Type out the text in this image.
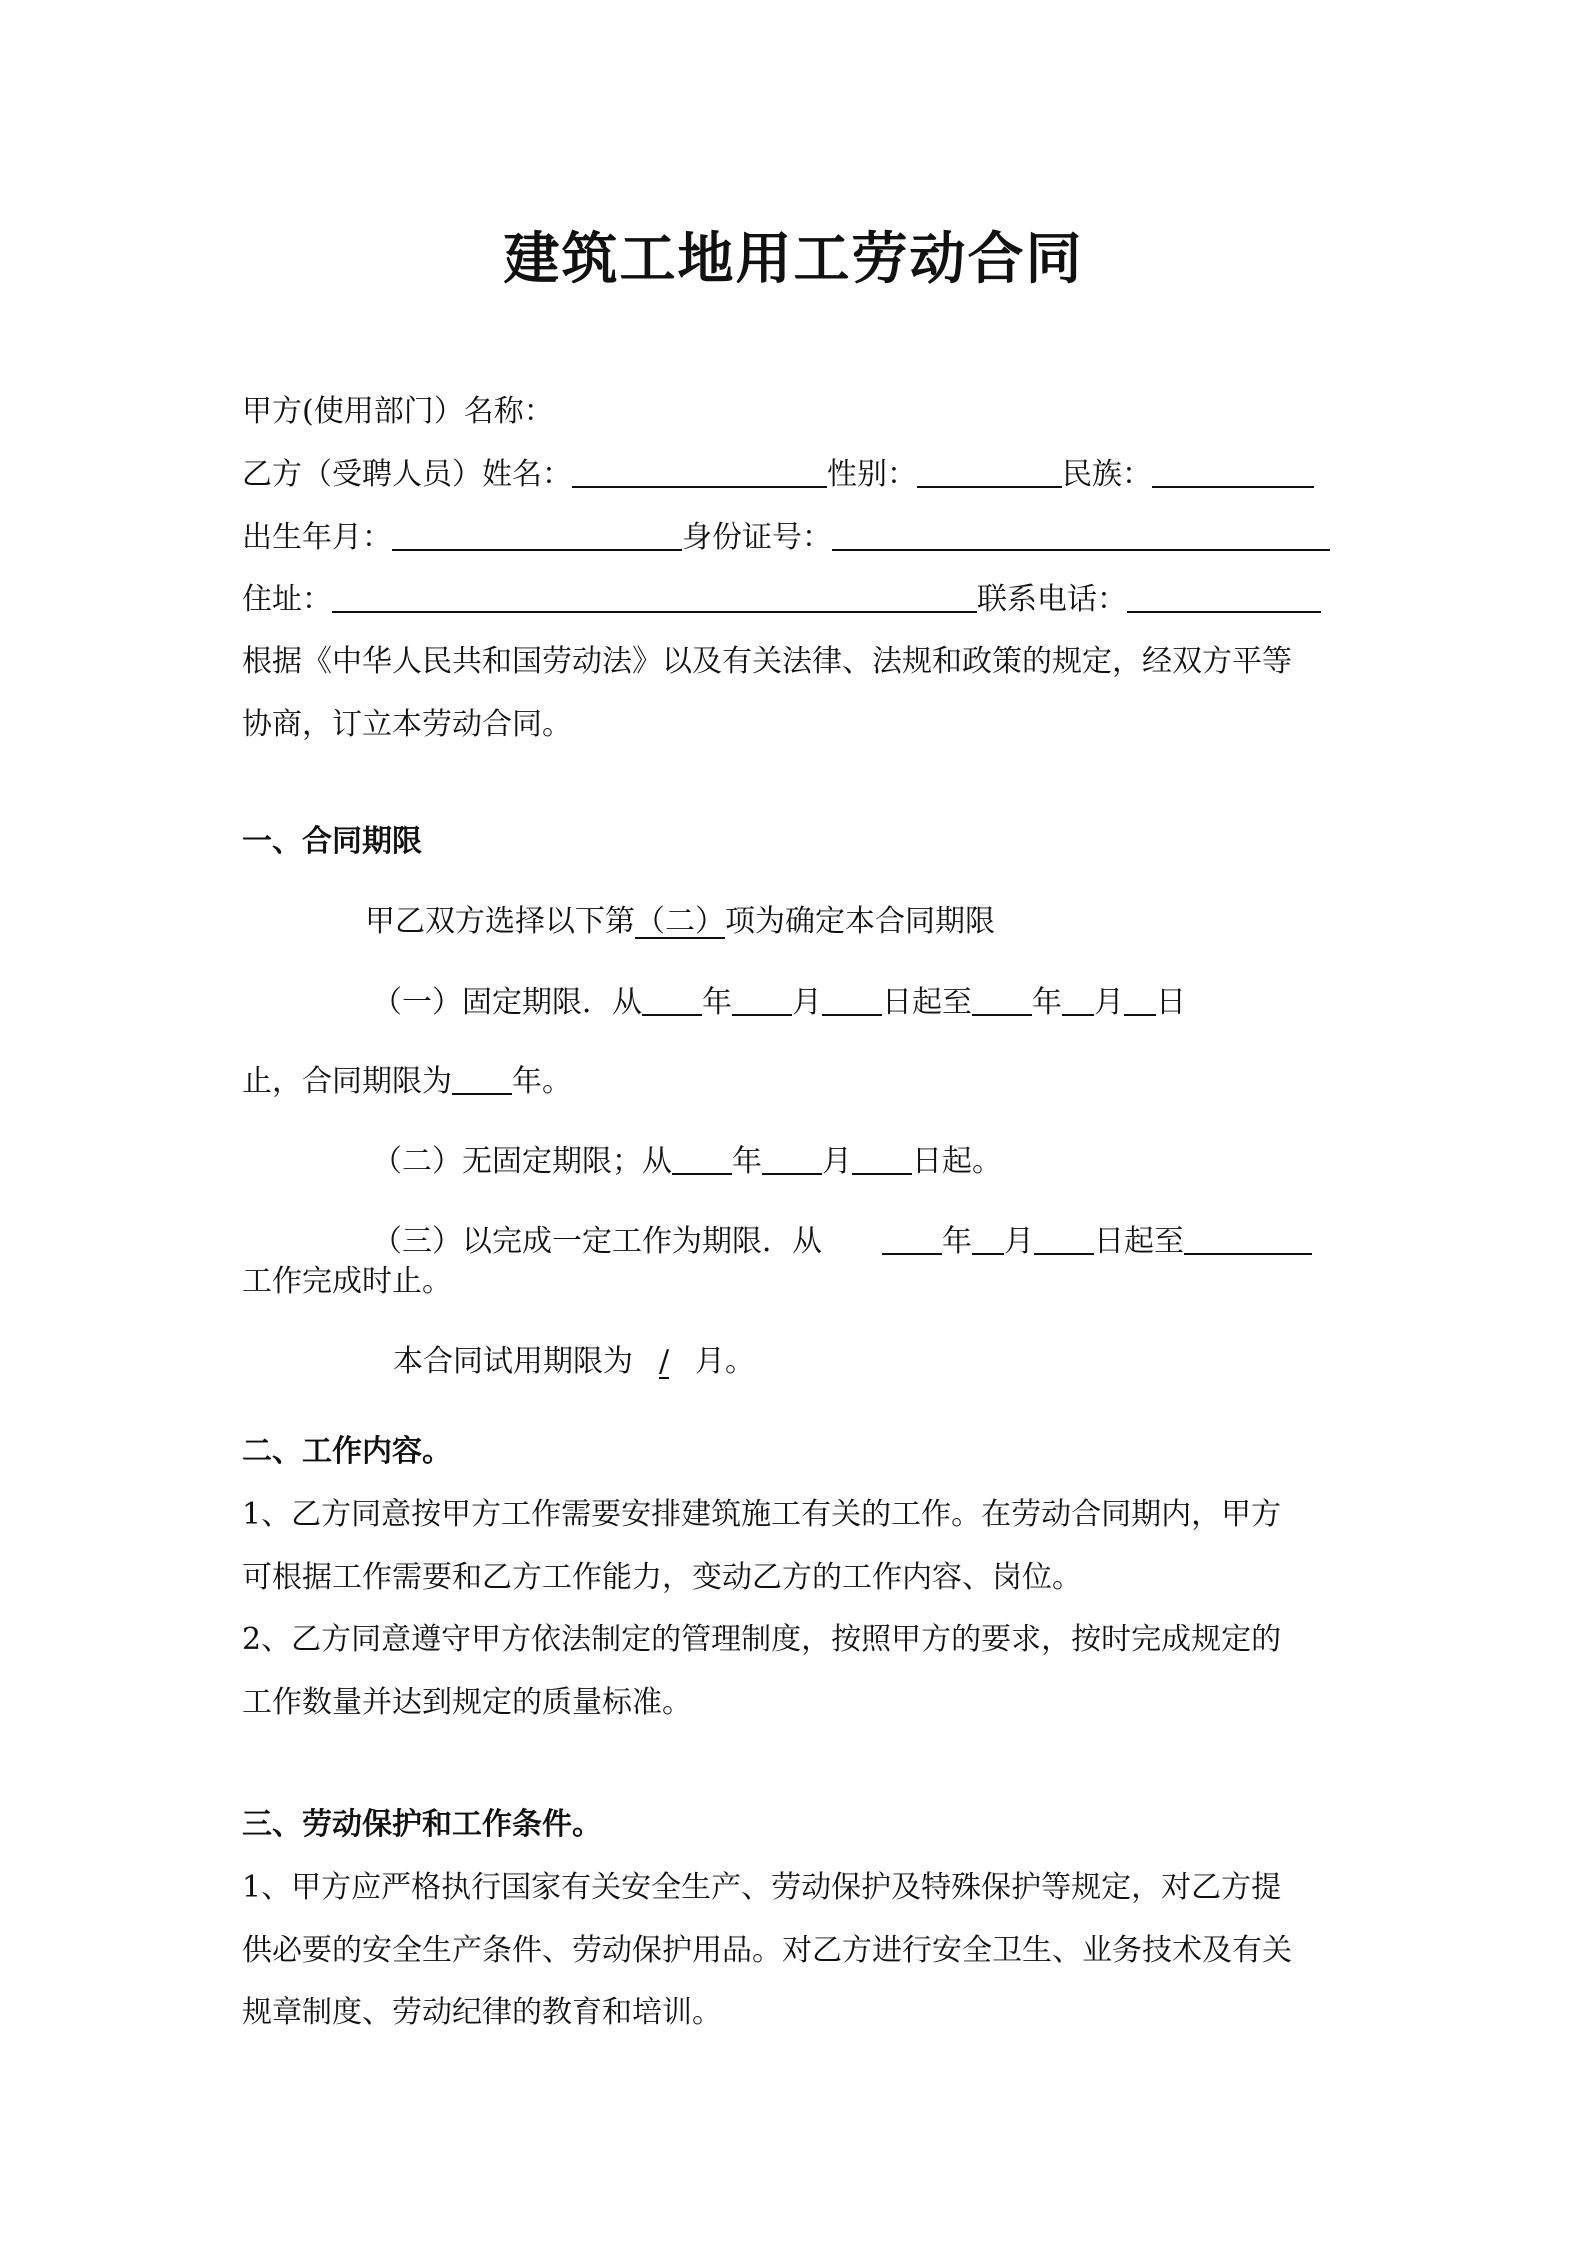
建筑工地用工劳动合同
甲方(使用部门）名称：
乙方（受聘人员）姓名：	性别：	民族：
出生年月：	身份证号：
住址：	联系电话：
根据《中华人民共和国劳动法》以及有关法律、法规和政策的规定，经双方平等
协商，订立本劳动合同。
一、合同期限
甲乙双方选择以下第（二）项为确定本合同期限
（一）固定期限．从 年 月 日起至 年 月 日
止，合同期限为 年。
（二）无固定期限；从 年 月 日起。
（三）以完成一定工作为期限．从	年 月 日起至
工作完成时止。
本合同试用期限为 / 月。
二、工作内容。
1、乙方同意按甲方工作需要安排建筑施工有关的工作。在劳动合同期内，甲方
可根据工作需要和乙方工作能力，变动乙方的工作内容、岗位。
2、乙方同意遵守甲方依法制定的管理制度，按照甲方的要求，按时完成规定的
工作数量并达到规定的质量标准。
三、劳动保护和工作条件。
1、甲方应严格执行国家有关安全生产、劳动保护及特殊保护等规定，对乙方提
供必要的安全生产条件、劳动保护用品。对乙方进行安全卫生、业务技术及有关
规章制度、劳动纪律的教育和培训。
